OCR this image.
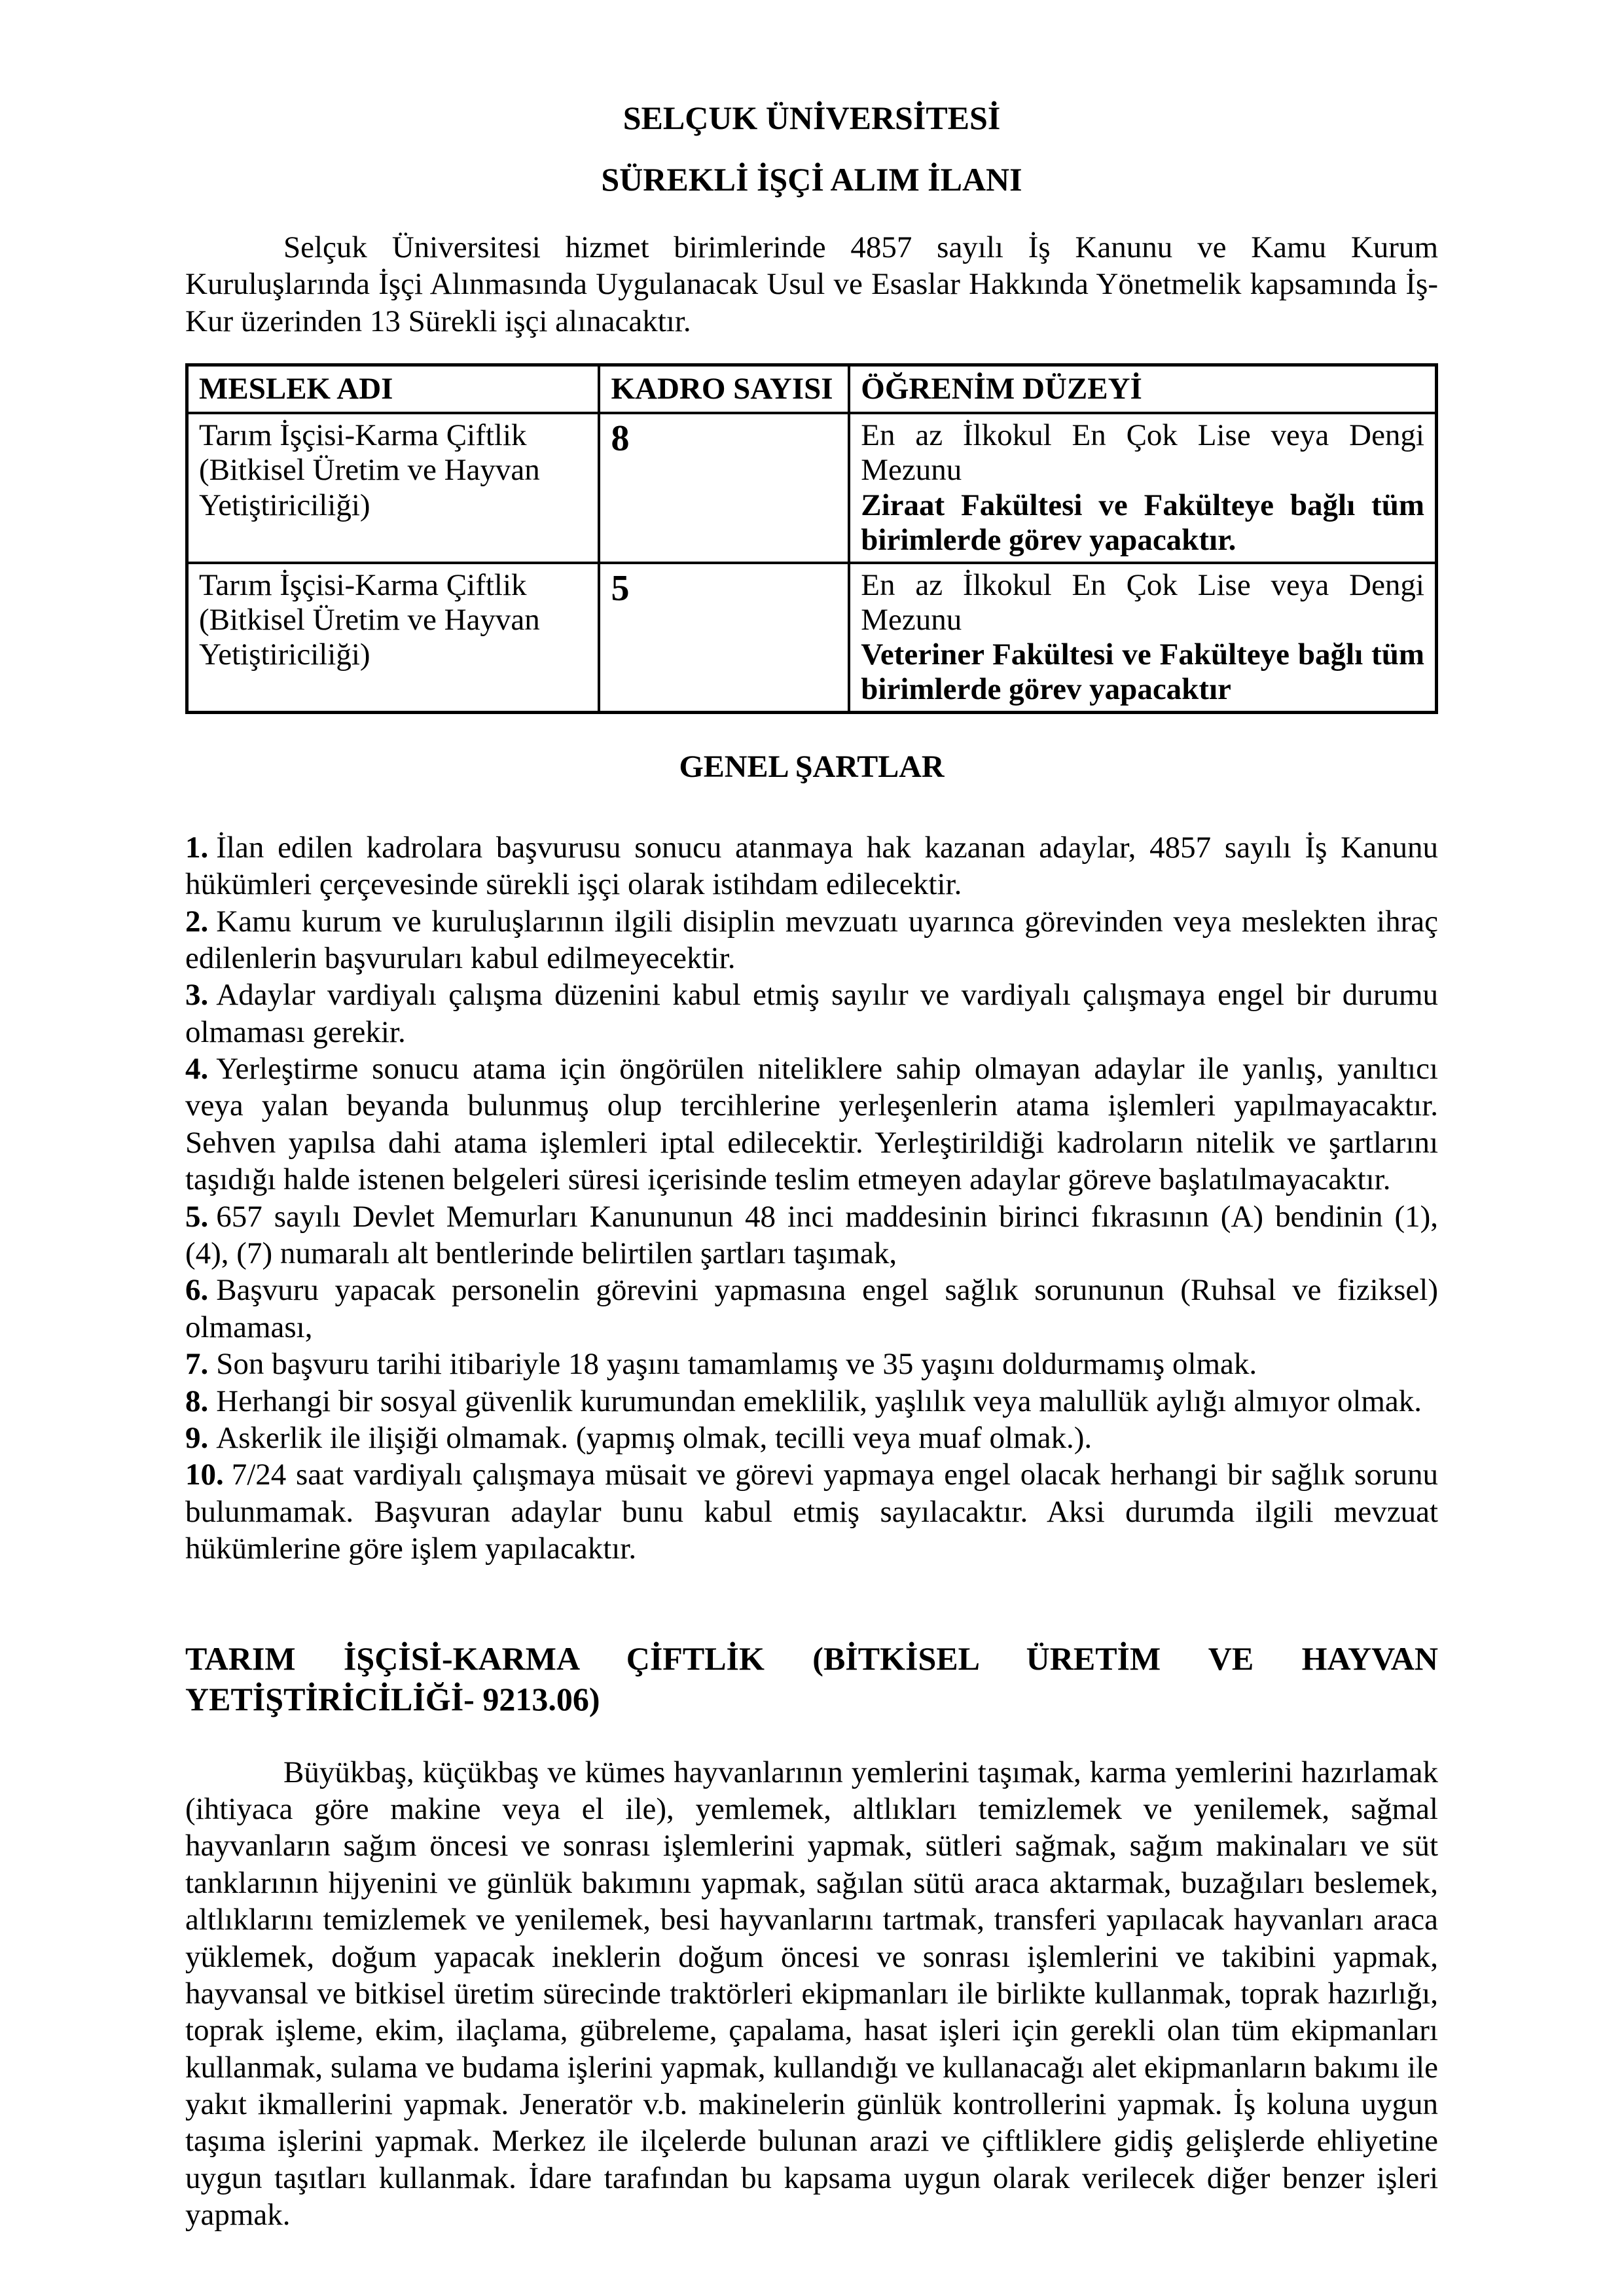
SELÇUK ÜNİVERSİTESİ
SÜREKLİ İŞÇİ ALIM İLANI

Selçuk Üniversitesi hizmet birimlerinde 4857 sayılı İş Kanunu ve Kamu Kurum Kuruluşlarında İşçi Alınmasında Uygulanacak Usul ve Esaslar Hakkında Yönetmelik kapsamında İş-Kur üzerinden 13 Sürekli işçi alınacaktır.

MESLEK ADI	KADRO SAYISI	ÖĞRENİM DÜZEYİ
Tarım İşçisi-Karma Çiftlik (Bitkisel Üretim ve Hayvan Yetiştiriciliği)	8	En az İlkokul En Çok Lise veya Dengi Mezunu
Ziraat Fakültesi ve Fakülteye bağlı tüm birimlerde görev yapacaktır.

Tarım İşçisi-Karma Çiftlik (Bitkisel Üretim ve Hayvan Yetiştiriciliği)	5	En az İlkokul En Çok Lise veya Dengi Mezunu
Veteriner Fakültesi ve Fakülteye bağlı tüm birimlerde görev yapacaktır
GENEL ŞARTLAR

1. İlan edilen kadrolara başvurusu sonucu atanmaya hak kazanan adaylar, 4857 sayılı İş Kanunu hükümleri çerçevesinde sürekli işçi olarak istihdam edilecektir.

2. Kamu kurum ve kuruluşlarının ilgili disiplin mevzuatı uyarınca görevinden veya meslekten ihraç edilenlerin başvuruları kabul edilmeyecektir.

3. Adaylar vardiyalı çalışma düzenini kabul etmiş sayılır ve vardiyalı çalışmaya engel bir durumu olmaması gerekir.

4. Yerleştirme sonucu atama için öngörülen niteliklere sahip olmayan adaylar ile yanlış, yanıltıcı veya yalan beyanda bulunmuş olup tercihlerine yerleşenlerin atama işlemleri yapılmayacaktır. Sehven yapılsa dahi atama işlemleri iptal edilecektir. Yerleştirildiği kadroların nitelik ve şartlarını taşıdığı halde istenen belgeleri süresi içerisinde teslim etmeyen adaylar göreve başlatılmayacaktır.

5. 657 sayılı Devlet Memurları Kanununun 48 inci maddesinin birinci fıkrasının (A) bendinin (1), (4), (7) numaralı alt bentlerinde belirtilen şartları taşımak,

6. Başvuru yapacak personelin görevini yapmasına engel sağlık sorununun (Ruhsal ve fiziksel) olmaması,

7. Son başvuru tarihi itibariyle 18 yaşını tamamlamış ve 35 yaşını doldurmamış olmak.

8. Herhangi bir sosyal güvenlik kurumundan emeklilik, yaşlılık veya malullük aylığı almıyor olmak.

9. Askerlik ile ilişiği olmamak. (yapmış olmak, tecilli veya muaf olmak.).

10. 7/24 saat vardiyalı çalışmaya müsait ve görevi yapmaya engel olacak herhangi bir sağlık sorunu bulunmamak. Başvuran adaylar bunu kabul etmiş sayılacaktır. Aksi durumda ilgili mevzuat hükümlerine göre işlem yapılacaktır.

TARIM İŞÇİSİ-KARMA ÇİFTLİK (BİTKİSEL ÜRETİM VE HAYVAN YETİŞTİRİCİLİĞİ- 9213.06)

Büyükbaş, küçükbaş ve kümes hayvanlarının yemlerini taşımak, karma yemlerini hazırlamak (ihtiyaca göre makine veya el ile), yemlemek, altlıkları temizlemek ve yenilemek, sağmal hayvanların sağım öncesi ve sonrası işlemlerini yapmak, sütleri sağmak, sağım makinaları ve süt tanklarının hijyenini ve günlük bakımını yapmak, sağılan sütü araca aktarmak, buzağıları beslemek, altlıklarını temizlemek ve yenilemek, besi hayvanlarını tartmak, transferi yapılacak hayvanları araca yüklemek, doğum yapacak ineklerin doğum öncesi ve sonrası işlemlerini ve takibini yapmak, hayvansal ve bitkisel üretim sürecinde traktörleri ekipmanları ile birlikte kullanmak, toprak hazırlığı, toprak işleme, ekim, ilaçlama, gübreleme, çapalama, hasat işleri için gerekli olan tüm ekipmanları kullanmak, sulama ve budama işlerini yapmak, kullandığı ve kullanacağı alet ekipmanların bakımı ile yakıt ikmallerini yapmak. Jeneratör v.b. makinelerin günlük kontrollerini yapmak. İş koluna uygun taşıma işlerini yapmak. Merkez ile ilçelerde bulunan arazi ve çiftliklere gidiş gelişlerde ehliyetine uygun taşıtları kullanmak. İdare tarafından bu kapsama uygun olarak verilecek diğer benzer işleri yapmak.
